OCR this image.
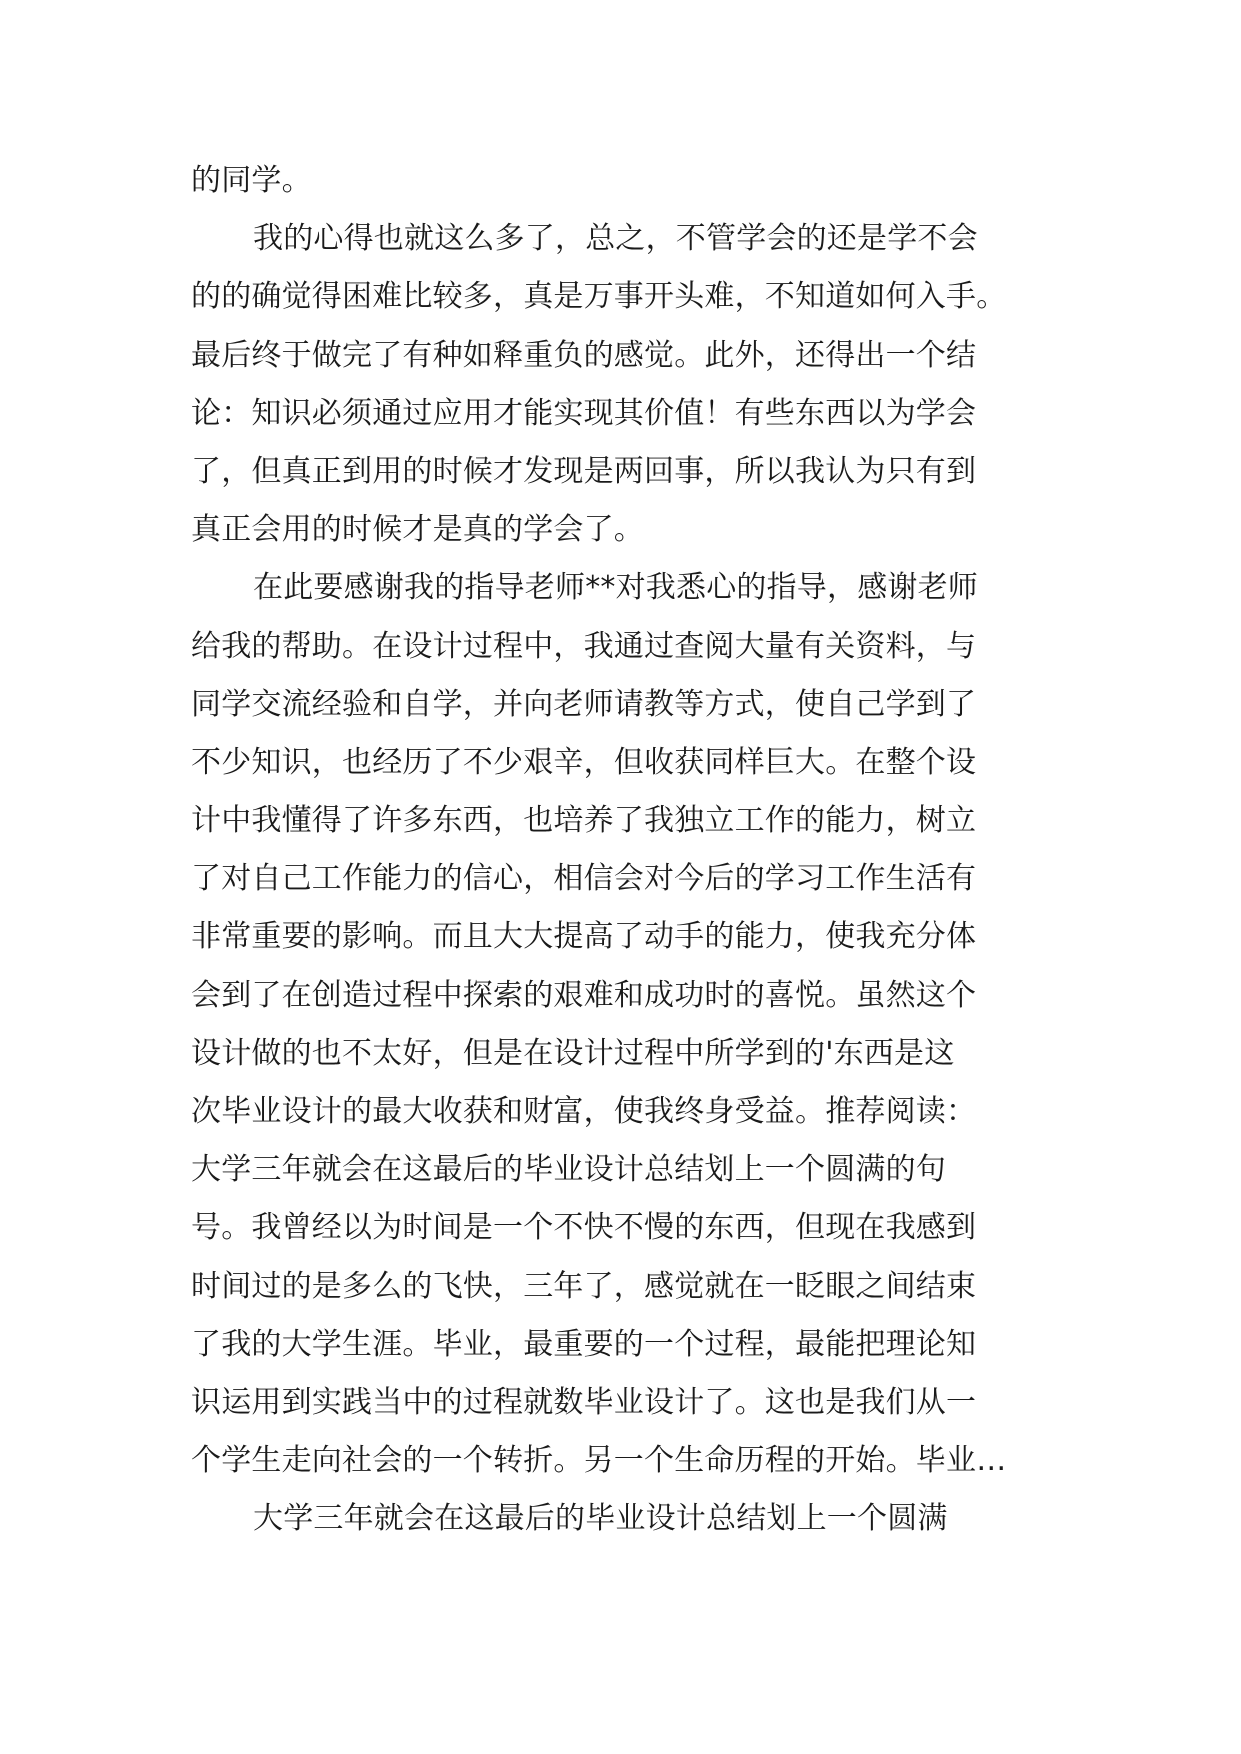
的同学。
我的心得也就这么多了，总之，不管学会的还是学不会
的的确觉得困难比较多，真是万事开头难，不知道如何入手。
最后终于做完了有种如释重负的感觉。此外，还得出一个结
论：知识必须通过应用才能实现其价值！有些东西以为学会
了，但真正到用的时候才发现是两回事，所以我认为只有到
真正会用的时候才是真的学会了。
在此要感谢我的指导老师**对我悉心的指导，感谢老师
给我的帮助。在设计过程中，我通过查阅大量有关资料，与
同学交流经验和自学，并向老师请教等方式，使自己学到了
不少知识，也经历了不少艰辛，但收获同样巨大。在整个设
计中我懂得了许多东西，也培养了我独立工作的能力，树立
了对自己工作能力的信心，相信会对今后的学习工作生活有
非常重要的影响。而且大大提高了动手的能力，使我充分体
会到了在创造过程中探索的艰难和成功时的喜悦。虽然这个
设计做的也不太好，但是在设计过程中所学到的'东西是这
次毕业设计的最大收获和财富，使我终身受益。推荐阅读：
大学三年就会在这最后的毕业设计总结划上一个圆满的句
号。我曾经以为时间是一个不快不慢的东西，但现在我感到
时间过的是多么的飞快，三年了，感觉就在一眨眼之间结束
了我的大学生涯。毕业，最重要的一个过程，最能把理论知
识运用到实践当中的过程就数毕业设计了。这也是我们从一
个学生走向社会的一个转折。另一个生命历程的开始。毕业…
大学三年就会在这最后的毕业设计总结划上一个圆满
